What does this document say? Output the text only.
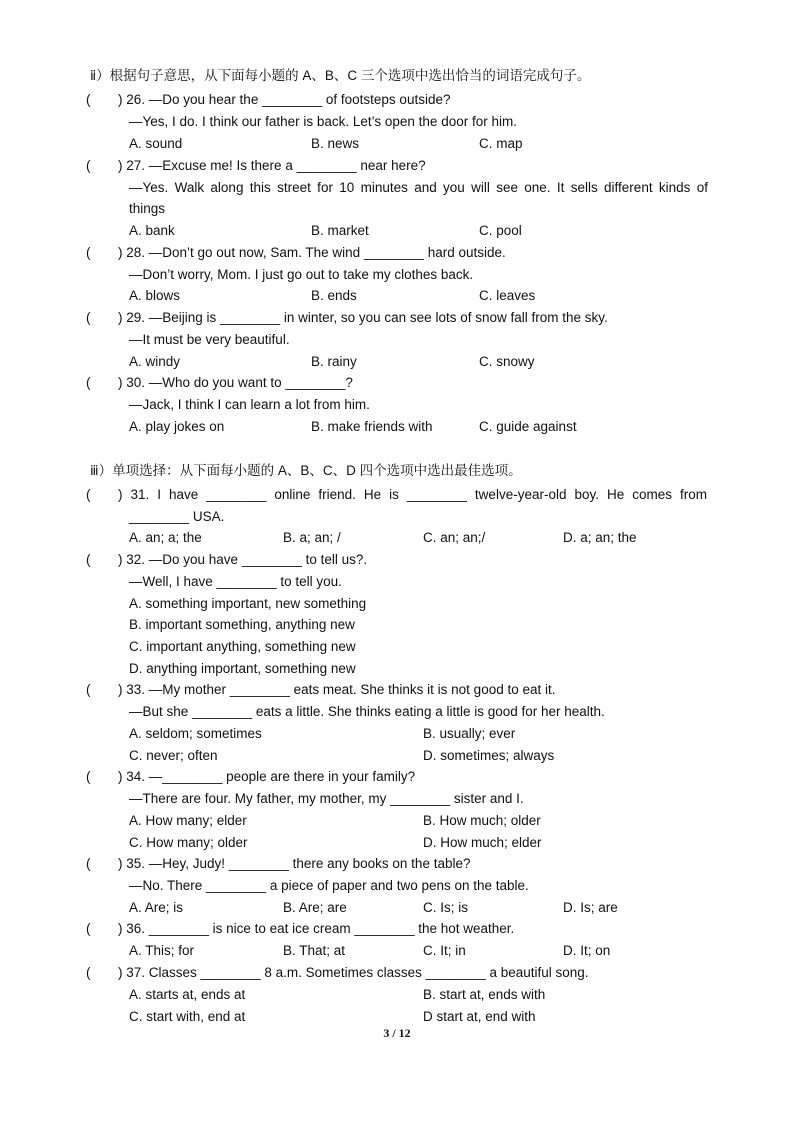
ⅱ）根据句子意思，从下面每小题的 A、B、C 三个选项中选出恰当的词语完成句子。
( ) 26. —Do you hear the ________ of footsteps outside?
—Yes, I do. I think our father is back. Let’s open the door for him.
A. sound	B. news	C. map
( ) 27. —Excuse me! Is there a ________ near here?
—Yes. Walk along this street for 10 minutes and you will see one. It sells different kinds of
things
A. bank	B. market	C. pool
( ) 28. —Don’t go out now, Sam. The wind ________ hard outside.
—Don’t worry, Mom. I just go out to take my clothes back.
A. blows	B. ends	C. leaves
( ) 29. —Beijing is ________ in winter, so you can see lots of snow fall from the sky.
—It must be very beautiful.
A. windy	B. rainy	C. snowy
( ) 30. —Who do you want to ________?
—Jack, I think I can learn a lot from him.
A. play jokes on	B. make friends with	C. guide against
ⅲ）单项选择：从下面每小题的 A、B、C、D 四个选项中选出最佳选项。
( ) 31. I have ________ online friend. He is ________ twelve-year-old boy. He comes from
________ USA.
A. an; a; the	B. a; an; /	C. an; an;/	D. a; an; the
( ) 32. —Do you have ________ to tell us?.
—Well, I have ________ to tell you.
A. something important, new something
B. important something, anything new
C. important anything, something new
D. anything important, something new
( ) 33. —My mother ________ eats meat. She thinks it is not good to eat it.
—But she ________ eats a little. She thinks eating a little is good for her health.
A. seldom; sometimes	B. usually; ever
C. never; often	D. sometimes; always
( ) 34. —________ people are there in your family?
—There are four. My father, my mother, my ________ sister and I.
A. How many; elder	B. How much; older
C. How many; older	D. How much; elder
( ) 35. —Hey, Judy! ________ there any books on the table?
—No. There ________ a piece of paper and two pens on the table.
A. Are; is	B. Are; are	C. Is; is	D. Is; are
( ) 36. ________ is nice to eat ice cream ________ the hot weather.
A. This; for	B. That; at	C. It; in	D. It; on
( ) 37. Classes ________ 8 a.m. Sometimes classes ________ a beautiful song.
A. starts at, ends at	B. start at, ends with
C. start with, end at	D start at, end with
3 / 12
